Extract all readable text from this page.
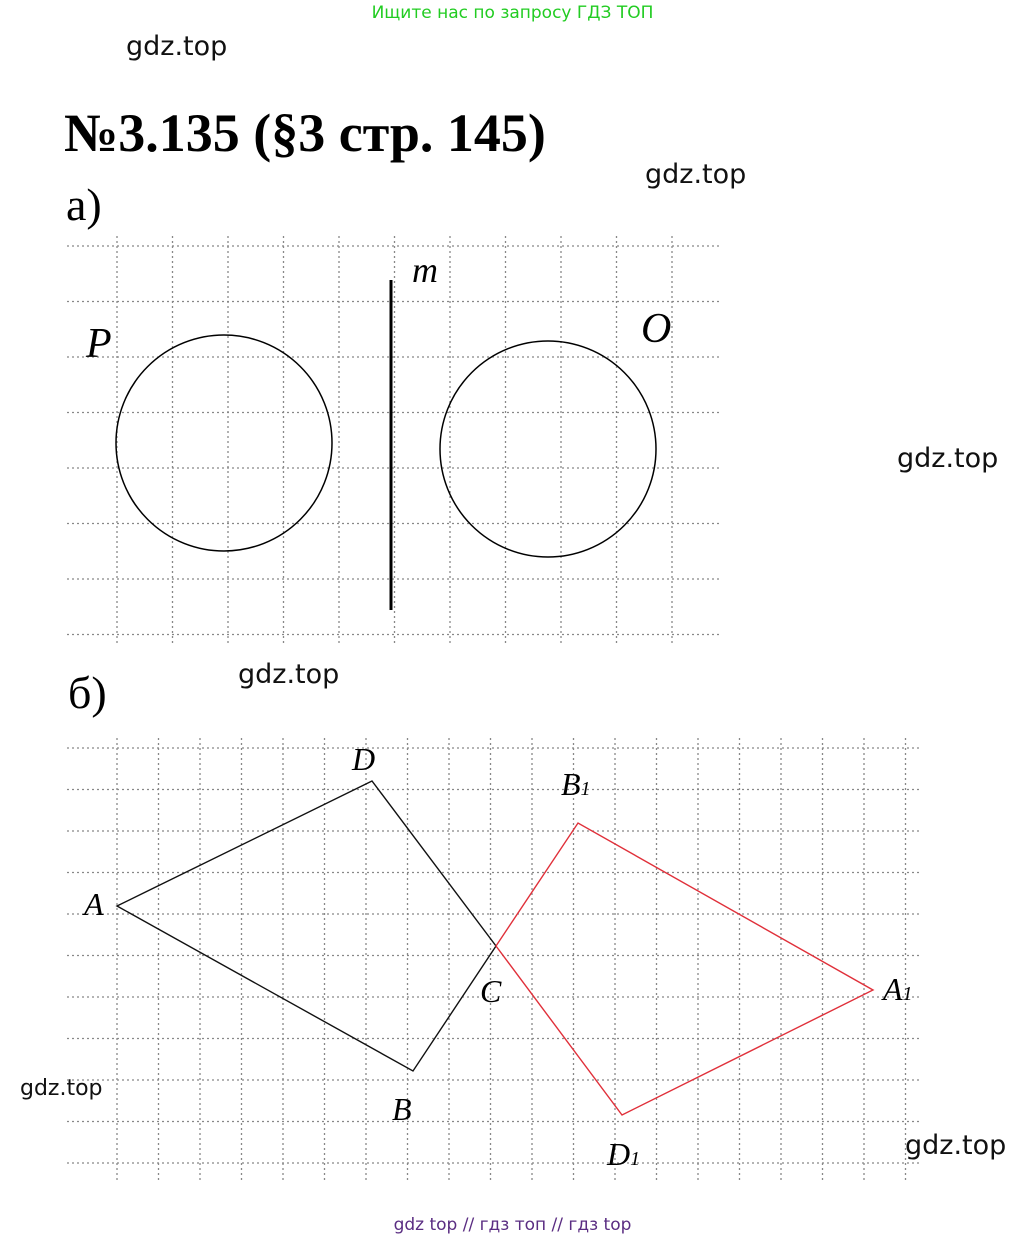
Ищите нас по запросу ГДЗ ТОП
gdz.top
gdz.top
gdz.top
gdz.top
gdz.top
gdz.top
№3.135 (§3 стр. 145)
а)
m
P	O
б)
A
D
C
B
B1
A1
D1
gdz top // гдз топ // гдз top
